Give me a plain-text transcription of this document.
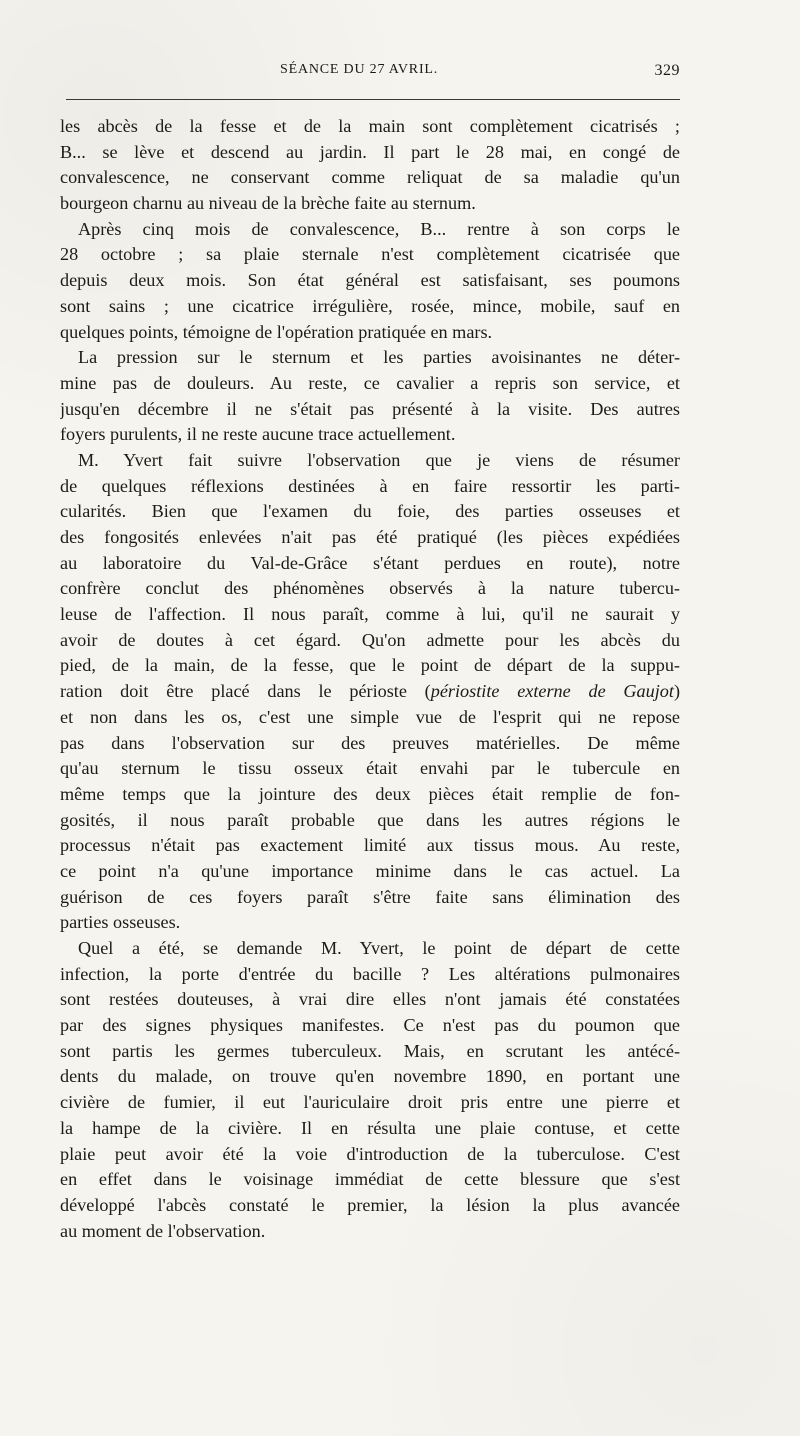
SÉANCE DU 27 AVRIL.	329
les abcès de la fesse et de la main sont complètement cicatrisés ;
B... se lève et descend au jardin. Il part le 28 mai, en congé de
convalescence, ne conservant comme reliquat de sa maladie qu'un
bourgeon charnu au niveau de la brèche faite au sternum.
Après cinq mois de convalescence, B... rentre à son corps le
28 octobre ; sa plaie sternale n'est complètement cicatrisée que
depuis deux mois. Son état général est satisfaisant, ses poumons
sont sains ; une cicatrice irrégulière, rosée, mince, mobile, sauf en
quelques points, témoigne de l'opération pratiquée en mars.
La pression sur le sternum et les parties avoisinantes ne déter-
mine pas de douleurs. Au reste, ce cavalier a repris son service, et
jusqu'en décembre il ne s'était pas présenté à la visite. Des autres
foyers purulents, il ne reste aucune trace actuellement.
M. Yvert fait suivre l'observation que je viens de résumer
de quelques réflexions destinées à en faire ressortir les parti-
cularités. Bien que l'examen du foie, des parties osseuses et
des fongosités enlevées n'ait pas été pratiqué (les pièces expédiées
au laboratoire du Val-de-Grâce s'étant perdues en route), notre
confrère conclut des phénomènes observés à la nature tubercu-
leuse de l'affection. Il nous paraît, comme à lui, qu'il ne saurait y
avoir de doutes à cet égard. Qu'on admette pour les abcès du
pied, de la main, de la fesse, que le point de départ de la suppu-
ration doit être placé dans le périoste (périostite externe de Gaujot)
et non dans les os, c'est une simple vue de l'esprit qui ne repose
pas dans l'observation sur des preuves matérielles. De même
qu'au sternum le tissu osseux était envahi par le tubercule en
même temps que la jointure des deux pièces était remplie de fon-
gosités, il nous paraît probable que dans les autres régions le
processus n'était pas exactement limité aux tissus mous. Au reste,
ce point n'a qu'une importance minime dans le cas actuel. La
guérison de ces foyers paraît s'être faite sans élimination des
parties osseuses.
Quel a été, se demande M. Yvert, le point de départ de cette
infection, la porte d'entrée du bacille ? Les altérations pulmonaires
sont restées douteuses, à vrai dire elles n'ont jamais été constatées
par des signes physiques manifestes. Ce n'est pas du poumon que
sont partis les germes tuberculeux. Mais, en scrutant les antécé-
dents du malade, on trouve qu'en novembre 1890, en portant une
civière de fumier, il eut l'auriculaire droit pris entre une pierre et
la hampe de la civière. Il en résulta une plaie contuse, et cette
plaie peut avoir été la voie d'introduction de la tuberculose. C'est
en effet dans le voisinage immédiat de cette blessure que s'est
développé l'abcès constaté le premier, la lésion la plus avancée
au moment de l'observation.
